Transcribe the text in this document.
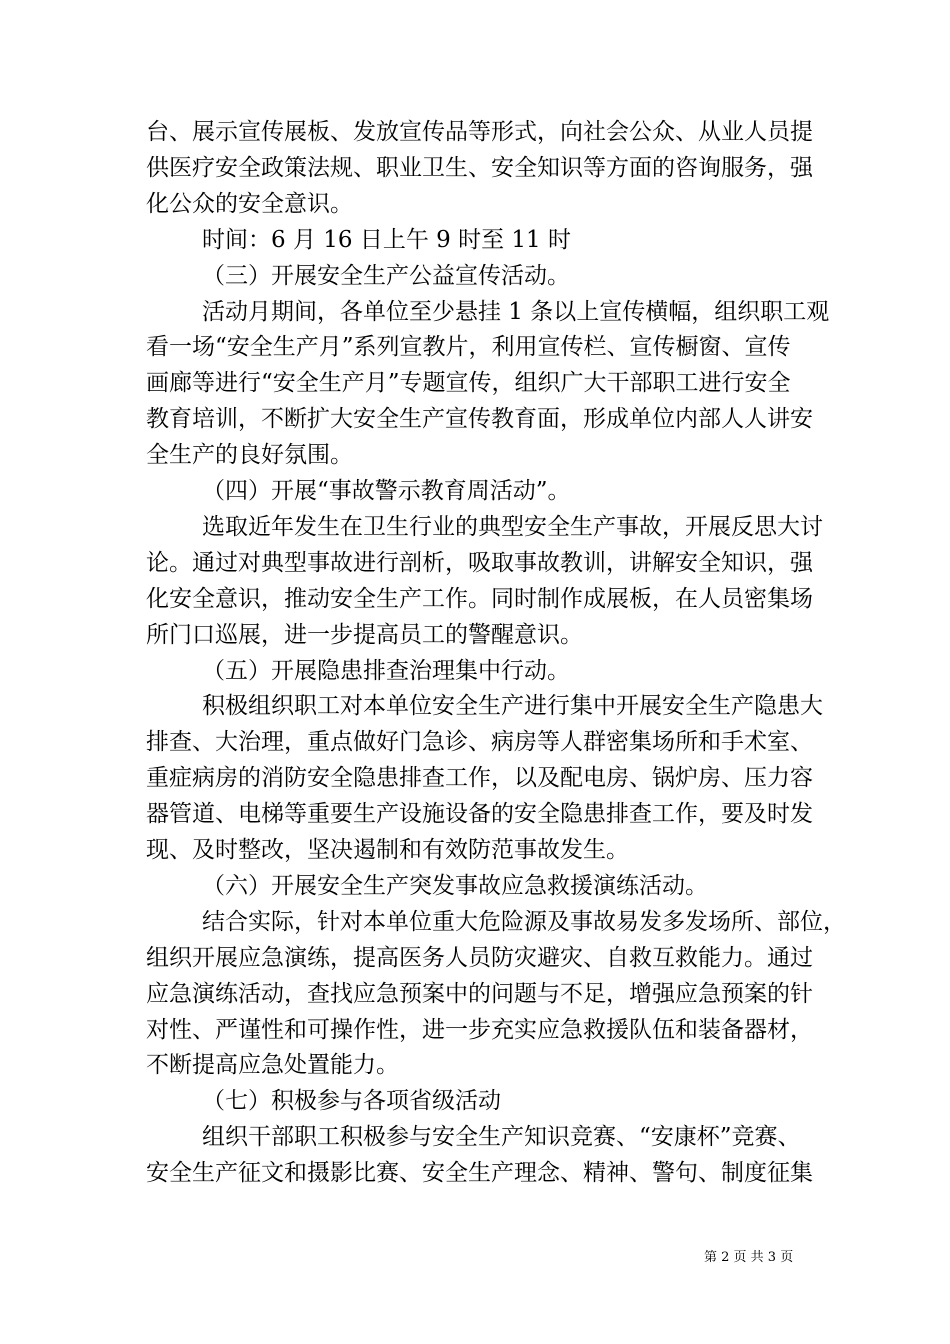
台、展示宣传展板、发放宣传品等形式，向社会公众、从业人员提
供医疗安全政策法规、职业卫生、安全知识等方面的咨询服务，强
化公众的安全意识。
时间：6 月 16 日上午 9 时至 11 时
（三）开展安全生产公益宣传活动。
活动月期间，各单位至少悬挂 1 条以上宣传横幅，组织职工观
看一场“安全生产月”系列宣教片，利用宣传栏、宣传橱窗、宣传
画廊等进行“安全生产月”专题宣传，组织广大干部职工进行安全
教育培训，不断扩大安全生产宣传教育面，形成单位内部人人讲安
全生产的良好氛围。
（四）开展“事故警示教育周活动”。
选取近年发生在卫生行业的典型安全生产事故，开展反思大讨
论。通过对典型事故进行剖析，吸取事故教训，讲解安全知识，强
化安全意识，推动安全生产工作。同时制作成展板，在人员密集场
所门口巡展，进一步提高员工的警醒意识。
（五）开展隐患排查治理集中行动。
积极组织职工对本单位安全生产进行集中开展安全生产隐患大
排查、大治理，重点做好门急诊、病房等人群密集场所和手术室、
重症病房的消防安全隐患排查工作，以及配电房、锅炉房、压力容
器管道、电梯等重要生产设施设备的安全隐患排查工作，要及时发
现、及时整改，坚决遏制和有效防范事故发生。
（六）开展安全生产突发事故应急救援演练活动。
结合实际，针对本单位重大危险源及事故易发多发场所、部位，
组织开展应急演练，提高医务人员防灾避灾、自救互救能力。通过
应急演练活动，查找应急预案中的问题与不足，增强应急预案的针
对性、严谨性和可操作性，进一步充实应急救援队伍和装备器材，
不断提高应急处置能力。
（七）积极参与各项省级活动
组织干部职工积极参与安全生产知识竞赛、“安康杯”竞赛、
安全生产征文和摄影比赛、安全生产理念、精神、警句、制度征集
第 2 页 共 3 页
